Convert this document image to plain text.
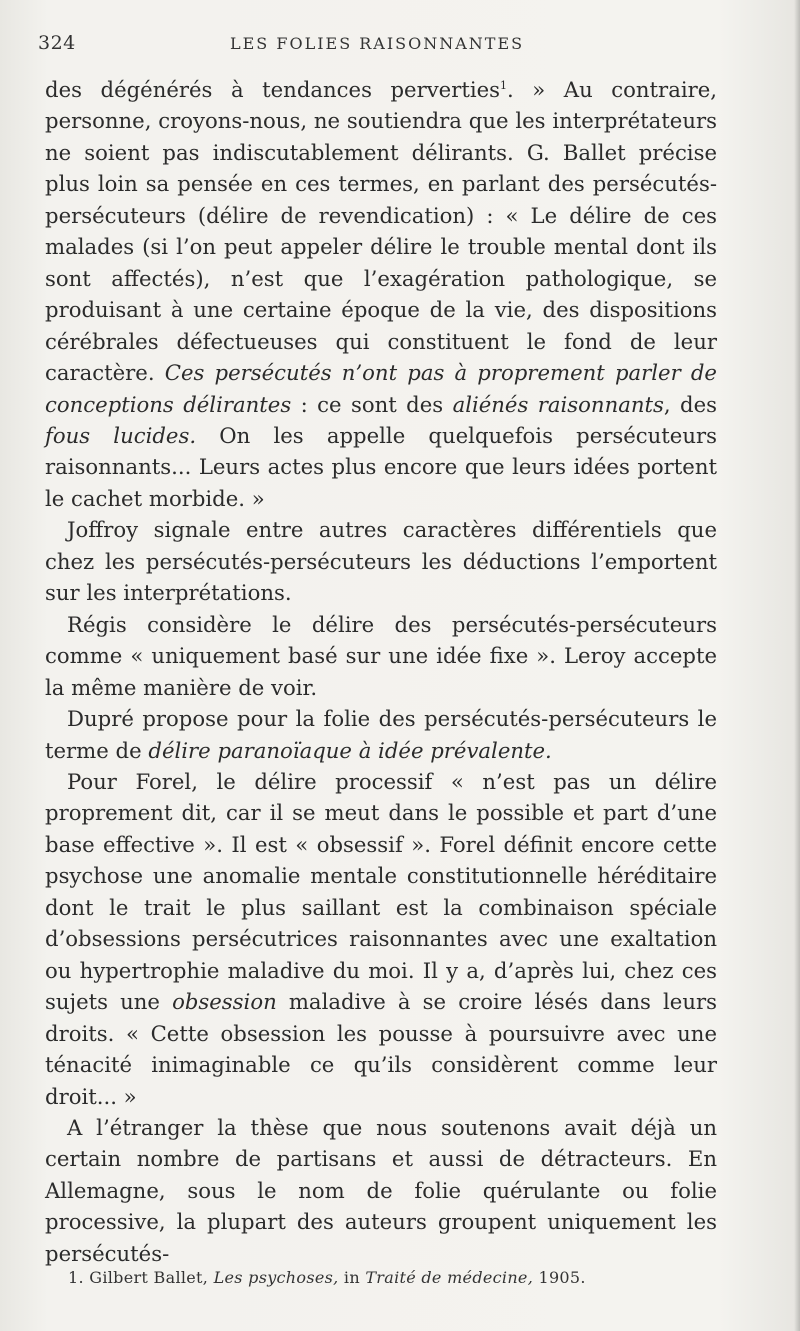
324	LES FOLIES RAISONNANTES

des dégénérés à tendances perverties$^1$. » Au contraire, personne, croyons-nous, ne soutiendra que les interprétateurs ne soient pas indiscutablement délirants. G. Ballet précise plus loin sa pensée en ces termes, en parlant des persécutés-persécuteurs (délire de revendication) : « Le délire de ces malades (si l’on peut appeler délire le trouble mental dont ils sont affectés), n’est que l’exagération pathologique, se produisant à une certaine époque de la vie, des dispositions cérébrales défectueuses qui constituent le fond de leur caractère. Ces persécutés n’ont pas à proprement parler de conceptions délirantes : ce sont des aliénés raisonnants, des fous lucides. On les appelle quelquefois persécuteurs raisonnants... Leurs actes plus encore que leurs idées portent le cachet morbide. »

Joffroy signale entre autres caractères différentiels que chez les persécutés-persécuteurs les déductions l’emportent sur les interprétations.

Régis considère le délire des persécutés-persécuteurs comme « uniquement basé sur une idée fixe ». Leroy accepte la même manière de voir.

Dupré propose pour la folie des persécutés-persécuteurs le terme de délire paranoïaque à idée prévalente.

Pour Forel, le délire processif « n’est pas un délire proprement dit, car il se meut dans le possible et part d’une base effective ». Il est « obsessif ». Forel définit encore cette psychose une anomalie mentale constitutionnelle héréditaire dont le trait le plus saillant est la combinaison spéciale d’obsessions persécutrices raisonnantes avec une exaltation ou hypertrophie maladive du moi. Il y a, d’après lui, chez ces sujets une obsession maladive à se croire lésés dans leurs droits. « Cette obsession les pousse à poursuivre avec une ténacité inimaginable ce qu’ils considèrent comme leur droit... »

A l’étranger la thèse que nous soutenons avait déjà un certain nombre de partisans et aussi de détracteurs. En Allemagne, sous le nom de folie quérulante ou folie processive, la plupart des auteurs groupent uniquement les persécutés-

1. Gilbert Ballet, Les psychoses, in Traité de médecine, 1905.
